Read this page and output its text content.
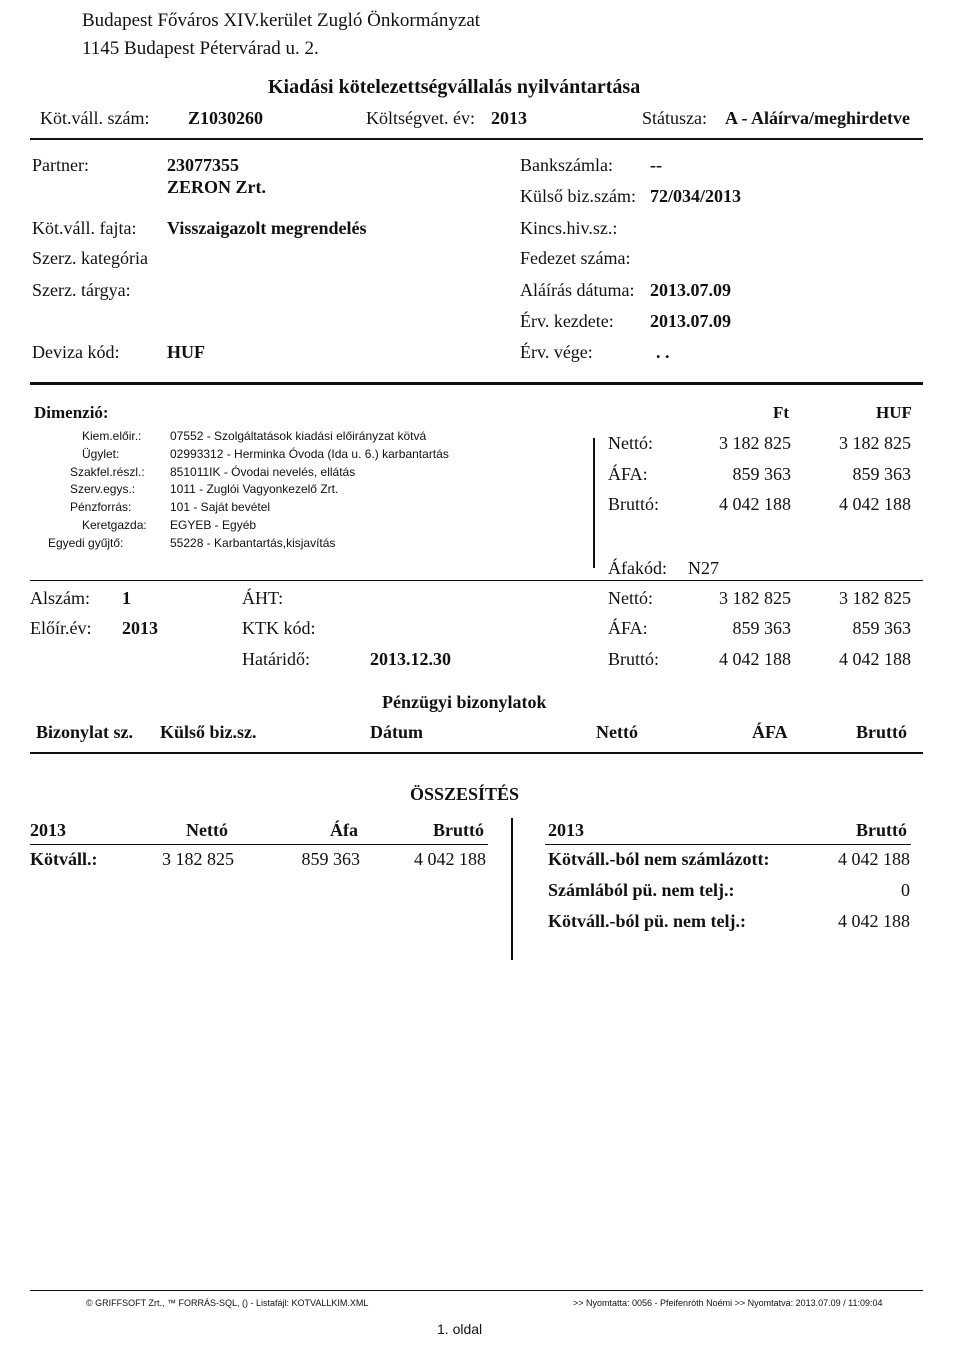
Budapest Főváros XIV.kerület Zugló Önkormányzat
1145 Budapest Pétervárad u. 2.
Kiadási kötelezettségvállalás nyilvántartása
Köt.váll. szám: Z1030260	Költségvet. év: 2013	Státusza: A - Aláírva/meghirdetve
Partner:	23077355
ZERON Zrt.
Köt.váll. fajta: Visszaigazolt megrendelés
Szerz. kategória
Szerz. tárgya:
Deviza kód:	HUF
Bankszámla: --
Külső biz.szám: 72/034/2013
Kincs.hiv.sz.:
Fedezet száma:
Aláírás dátuma: 2013.07.09
Érv. kezdete: 2013.07.09
Érv. vége:	. .
Dimenzió:	Ft	HUF
Kiem.előir.: 07552 - Szolgáltatások kiadási előirányzat kötvá
Ügylet:	02993312 - Herminka Óvoda (Ida u. 6.) karbantartás
Szakfel.részl.: 851011IK - Óvodai nevelés, ellátás
Szerv.egys.:	1011 - Zuglói Vagyonkezelő Zrt.
Pénzforrás:	101 - Saját bevétel
Keretgazda: EGYEB - Egyéb
Egyedi gyűjtő:	55228 - Karbantartás,kisjavítás
Nettó:	3 182 825	3 182 825
ÁFA:	859 363	859 363
Bruttó:	4 042 188	4 042 188
Áfakód: N27
Alszám: 1
Előír.év: 2013
ÁHT:
KTK kód:
Határidő:	2013.12.30
Nettó:	3 182 825	3 182 825
ÁFA:	859 363	859 363
Bruttó:	4 042 188	4 042 188
Pénzügyi bizonylatok
Bizonylat sz. Külső biz.sz.	Dátum	Nettó	ÁFA	Bruttó
ÖSSZESÍTÉS
2013	Nettó	Áfa	Bruttó
Kötváll.:	3 182 825	859 363	4 042 188
2013	Bruttó
Kötváll.-ból nem számlázott:	4 042 188
Számlából pü. nem telj.:	0
Kötváll.-ból pü. nem telj.:	4 042 188
© GRIFFSOFT Zrt., ™ FORRÁS-SQL, () - Listafájl: KOTVALLKIM.XML	>> Nyomtatta: 0056 - Pfeifenróth Noémi >> Nyomtatva: 2013.07.09 / 11:09:04
1. oldal
